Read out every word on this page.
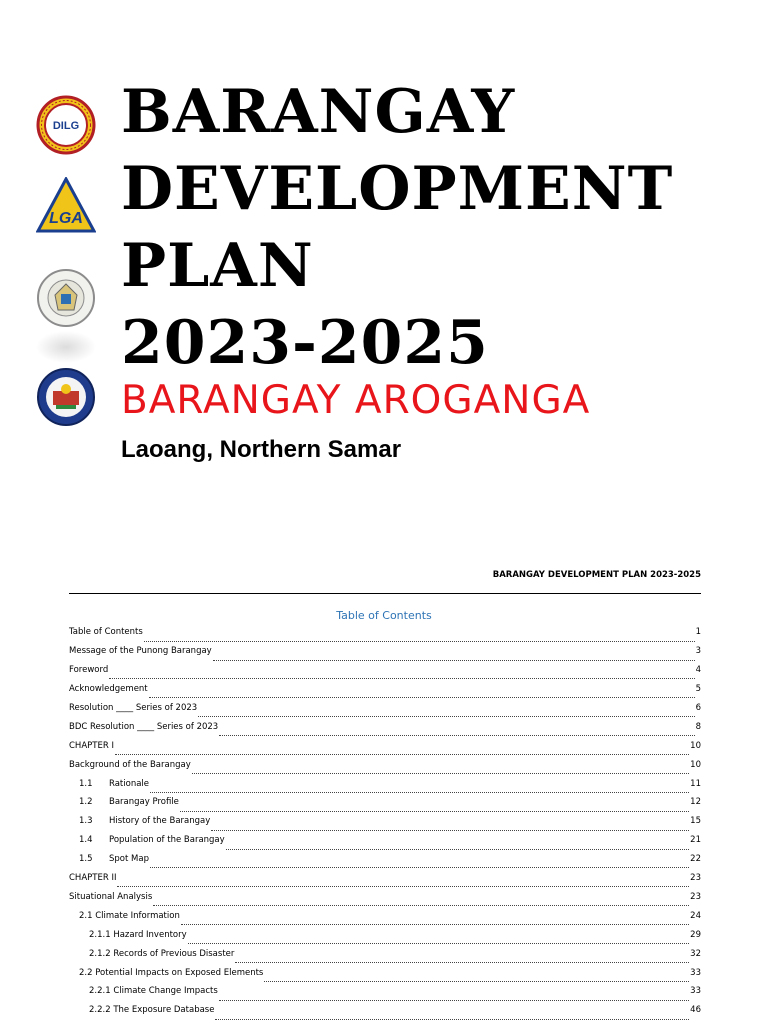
DILG
LGA
BARANGAY
DEVELOPMENT
PLAN
2023-2025
BARANGAY AROGANGA
Laoang, Northern Samar
BARANGAY DEVELOPMENT PLAN 2023-2025
Table of Contents
Table of Contents	1
Message of the Punong Barangay	3
Foreword	4
Acknowledgement	5
Resolution ____ Series of 2023	6
BDC Resolution ____ Series of 2023	8
CHAPTER I	10
Background of the Barangay	10
1.1	Rationale	11
1.2	Barangay Profile	12
1.3	History of the Barangay	15
1.4	Population of the Barangay	21
1.5	Spot Map	22
CHAPTER II	23
Situational Analysis	23
2.1 Climate Information	24
2.1.1 Hazard Inventory	29
2.1.2 Records of Previous Disaster	32
2.2 Potential Impacts on Exposed Elements	33
2.2.1 Climate Change Impacts	33
2.2.2 The Exposure Database	46
